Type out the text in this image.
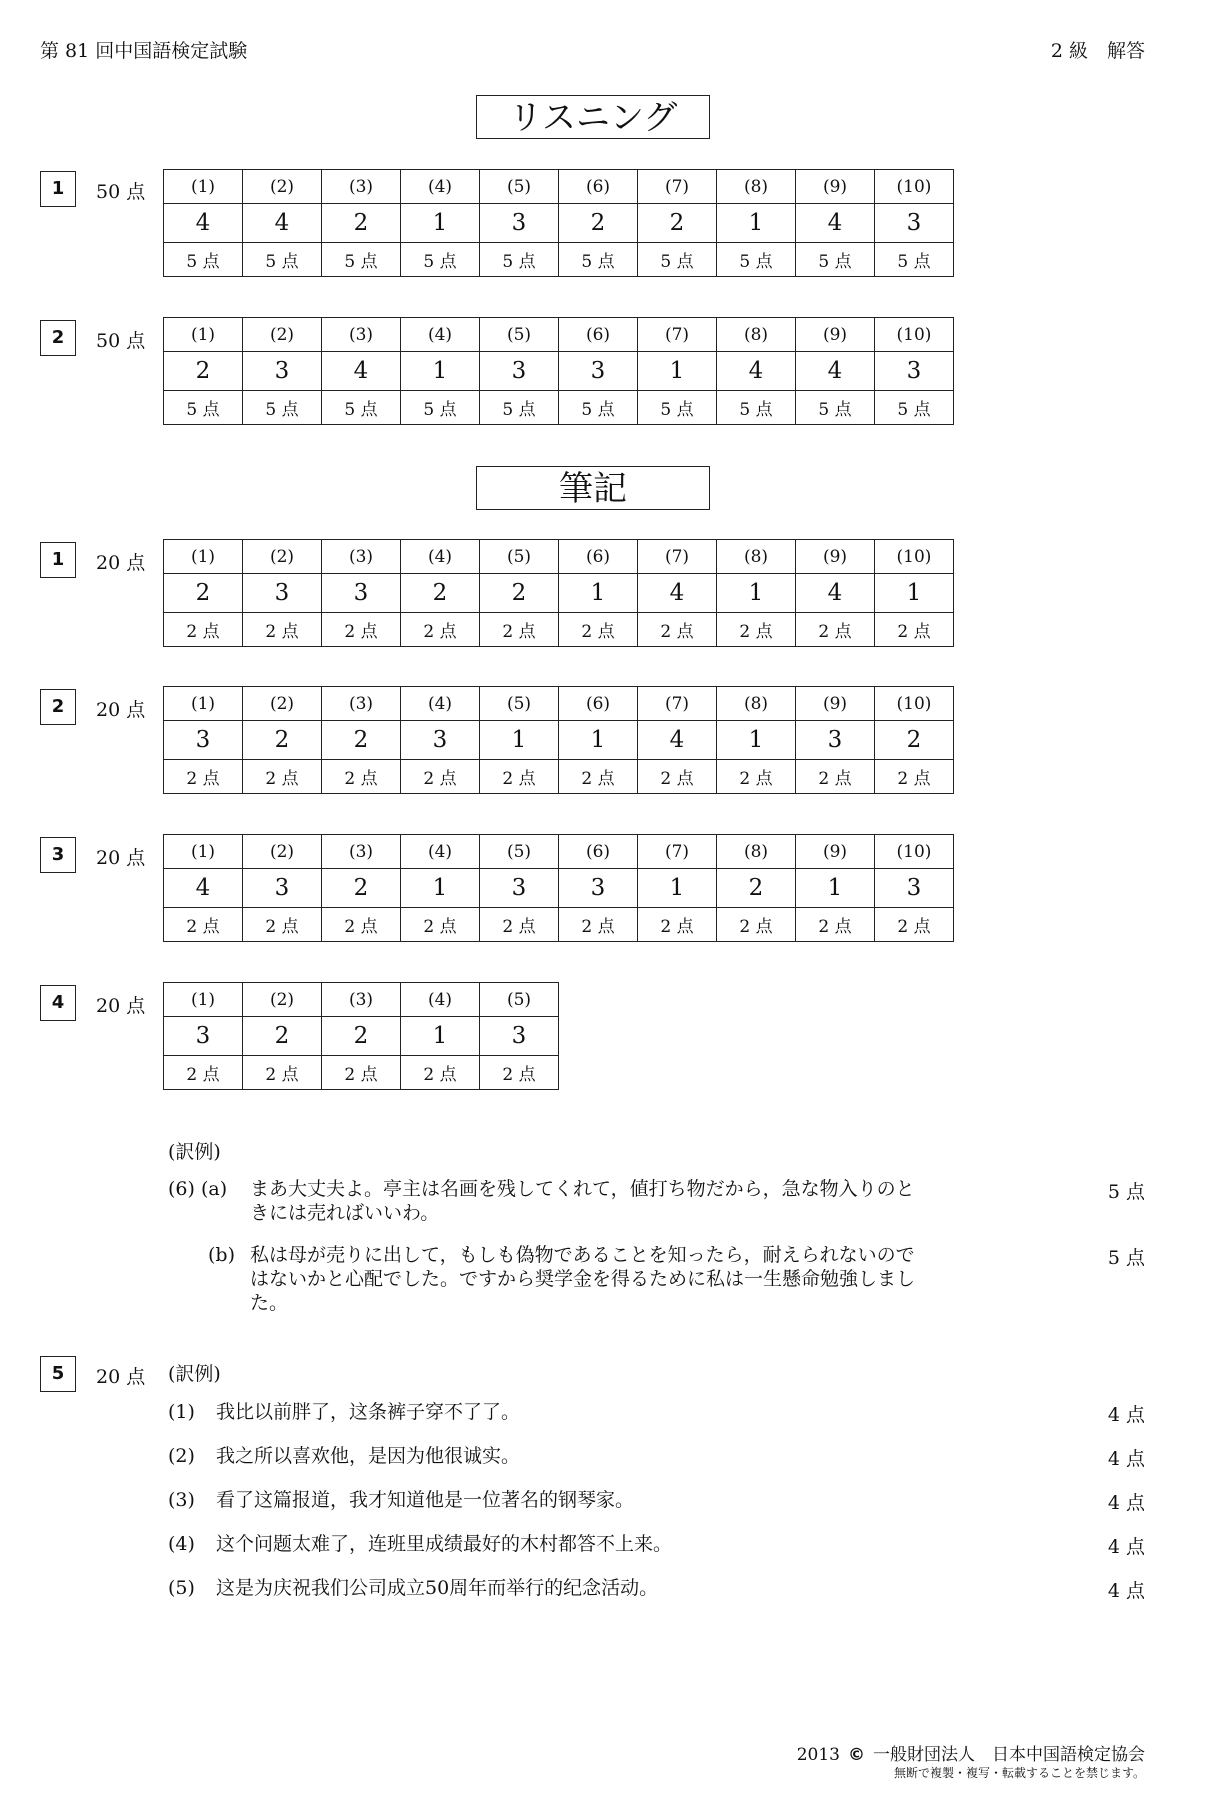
第 81 回中国語検定試験	2 級　解答
リスニング
1	50 点	(1)	(2)	(3)	(4)	(5)	(6)	(7)	(8)	(9)	(10)
4	4	2	1	3	2	2	1	4	3
5 点	5 点	5 点	5 点	5 点	5 点	5 点	5 点	5 点	5 点
2	50 点	(1)	(2)	(3)	(4)	(5)	(6)	(7)	(8)	(9)	(10)
2	3	4	1	3	3	1	4	4	3
5 点	5 点	5 点	5 点	5 点	5 点	5 点	5 点	5 点	5 点
筆記
1	20 点	(1)	(2)	(3)	(4)	(5)	(6)	(7)	(8)	(9)	(10)
2	3	3	2	2	1	4	1	4	1
2 点	2 点	2 点	2 点	2 点	2 点	2 点	2 点	2 点	2 点
2	20 点	(1)	(2)	(3)	(4)	(5)	(6)	(7)	(8)	(9)	(10)
3	2	2	3	1	1	4	1	3	2
2 点	2 点	2 点	2 点	2 点	2 点	2 点	2 点	2 点	2 点
3	20 点	(1)	(2)	(3)	(4)	(5)	(6)	(7)	(8)	(9)	(10)
4	3	2	1	3	3	1	2	1	3
2 点	2 点	2 点	2 点	2 点	2 点	2 点	2 点	2 点	2 点
4	20 点	(1)	(2)	(3)	(4)	(5)
3	2	2	1	3
2 点	2 点	2 点	2 点	2 点
(訳例)
(6) (a) まあ大丈夫よ。亭主は名画を残してくれて，値打ち物だから，急な物入りのと
きには売ればいいわ。
5 点
(b) 私は母が売りに出して，もしも偽物であることを知ったら，耐えられないので
はないかと心配でした。ですから奨学金を得るために私は一生懸命勉強しまし
た。
5 点
5	20 点 (訳例)
(1) 我比以前胖了，这条裤子穿不了了。	4 点
(2) 我之所以喜欢他，是因为他很诚实。	4 点
(3) 看了这篇报道，我才知道他是一位著名的钢琴家。	4 点
(4) 这个问题太难了，连班里成绩最好的木村都答不上来。	4 点
(5) 这是为庆祝我们公司成立50周年而举行的纪念活动。	4 点
2013 © 一般財団法人　日本中国語検定協会
無断で複製・複写・転載することを禁じます。
